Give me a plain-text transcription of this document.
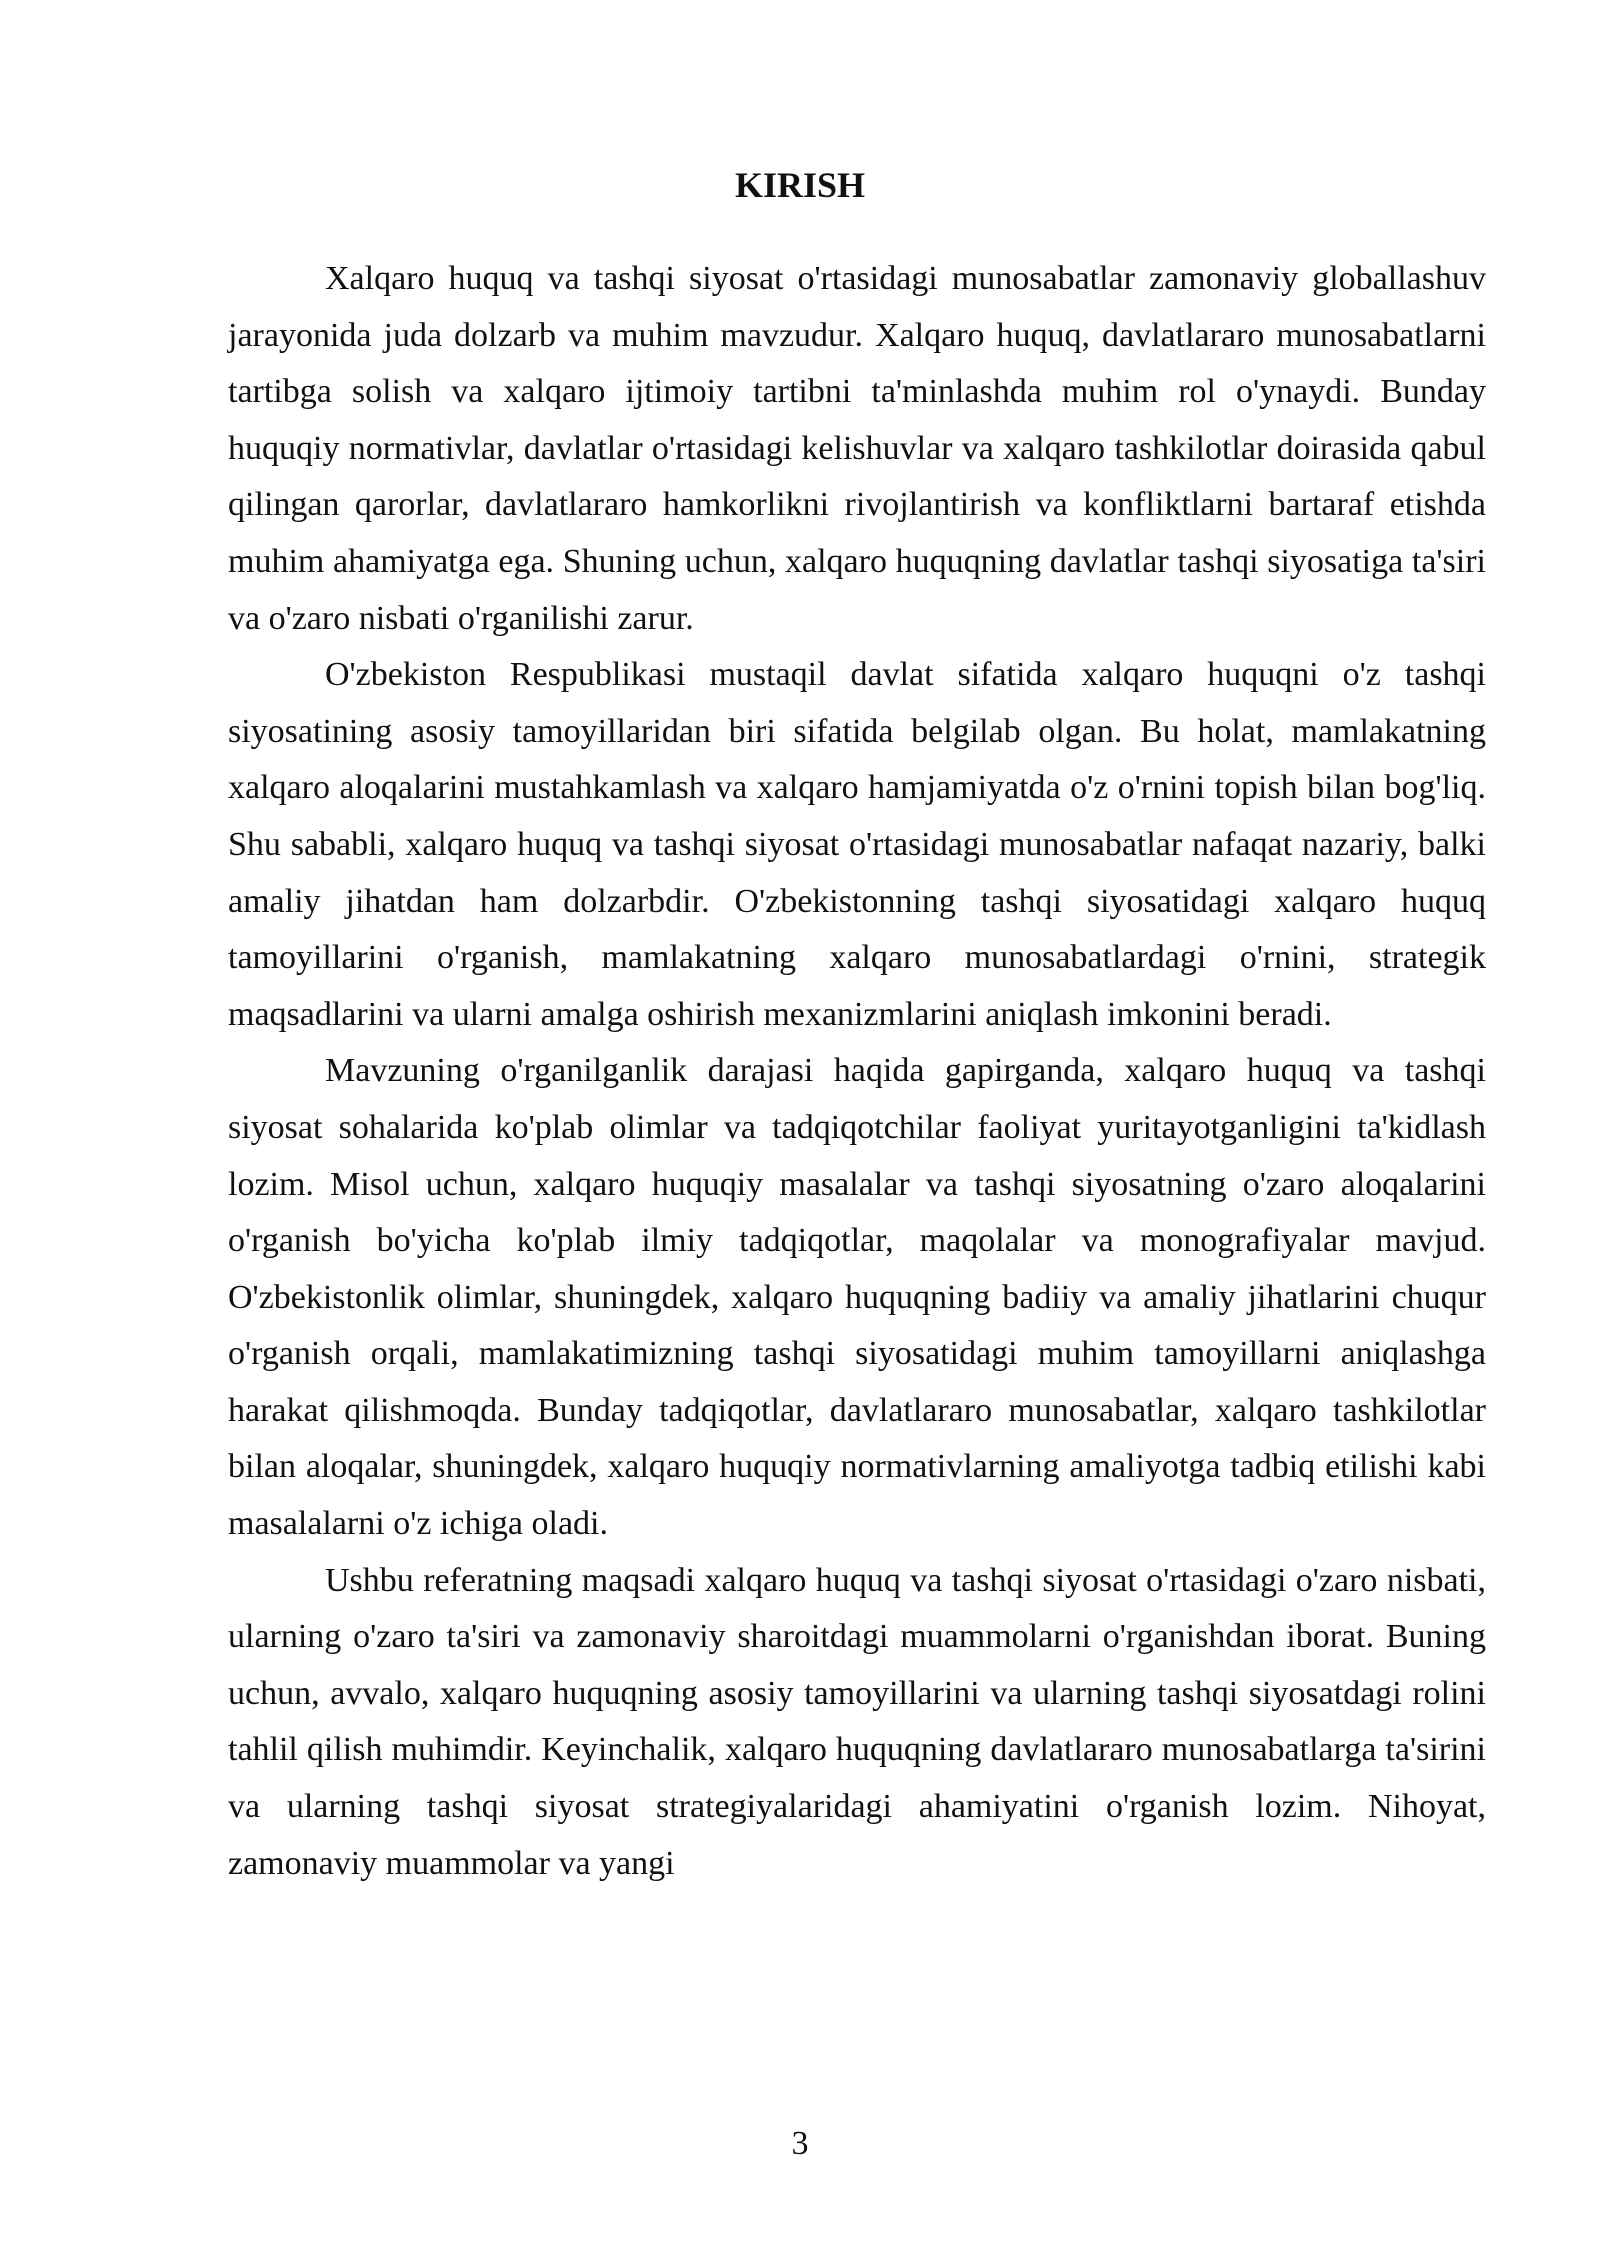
KIRISH

Xalqaro huquq va tashqi siyosat o'rtasidagi munosabatlar zamonaviy globallashuv jarayonida juda dolzarb va muhim mavzudur. Xalqaro huquq, davlatlararo munosabatlarni tartibga solish va xalqaro ijtimoiy tartibni ta'minlashda muhim rol o'ynaydi. Bunday huquqiy normativlar, davlatlar o'rtasidagi kelishuvlar va xalqaro tashkilotlar doirasida qabul qilingan qarorlar, davlatlararo hamkorlikni rivojlantirish va konfliktlarni bartaraf etishda muhim ahamiyatga ega. Shuning uchun, xalqaro huquqning davlatlar tashqi siyosatiga ta'siri va o'zaro nisbati o'rganilishi zarur.

O'zbekiston Respublikasi mustaqil davlat sifatida xalqaro huquqni o'z tashqi siyosatining asosiy tamoyillaridan biri sifatida belgilab olgan. Bu holat, mamlakatning xalqaro aloqalarini mustahkamlash va xalqaro hamjamiyatda o'z o'rnini topish bilan bog'liq. Shu sababli, xalqaro huquq va tashqi siyosat o'rtasidagi munosabatlar nafaqat nazariy, balki amaliy jihatdan ham dolzarbdir. O'zbekistonning tashqi siyosatidagi xalqaro huquq tamoyillarini o'rganish, mamlakatning xalqaro munosabatlardagi o'rnini, strategik maqsadlarini va ularni amalga oshirish mexanizmlarini aniqlash imkonini beradi.

Mavzuning o'rganilganlik darajasi haqida gapirganda, xalqaro huquq va tashqi siyosat sohalarida ko'plab olimlar va tadqiqotchilar faoliyat yuritayotganligini ta'kidlash lozim. Misol uchun, xalqaro huquqiy masalalar va tashqi siyosatning o'zaro aloqalarini o'rganish bo'yicha ko'plab ilmiy tadqiqotlar, maqolalar va monografiyalar mavjud. O'zbekistonlik olimlar, shuningdek, xalqaro huquqning badiiy va amaliy jihatlarini chuqur o'rganish orqali, mamlakatimizning tashqi siyosatidagi muhim tamoyillarni aniqlashga harakat qilishmoqda. Bunday tadqiqotlar, davlatlararo munosabatlar, xalqaro tashkilotlar bilan aloqalar, shuningdek, xalqaro huquqiy normativlarning amaliyotga tadbiq etilishi kabi masalalarni o'z ichiga oladi.

Ushbu referatning maqsadi xalqaro huquq va tashqi siyosat o'rtasidagi o'zaro nisbati, ularning o'zaro ta'siri va zamonaviy sharoitdagi muammolarni o'rganishdan iborat. Buning uchun, avvalo, xalqaro huquqning asosiy tamoyillarini va ularning tashqi siyosatdagi rolini tahlil qilish muhimdir. Keyinchalik, xalqaro huquqning davlatlararo munosabatlarga ta'sirini va ularning tashqi siyosat strategiyalaridagi ahamiyatini o'rganish lozim. Nihoyat, zamonaviy muammolar va yangi

3
